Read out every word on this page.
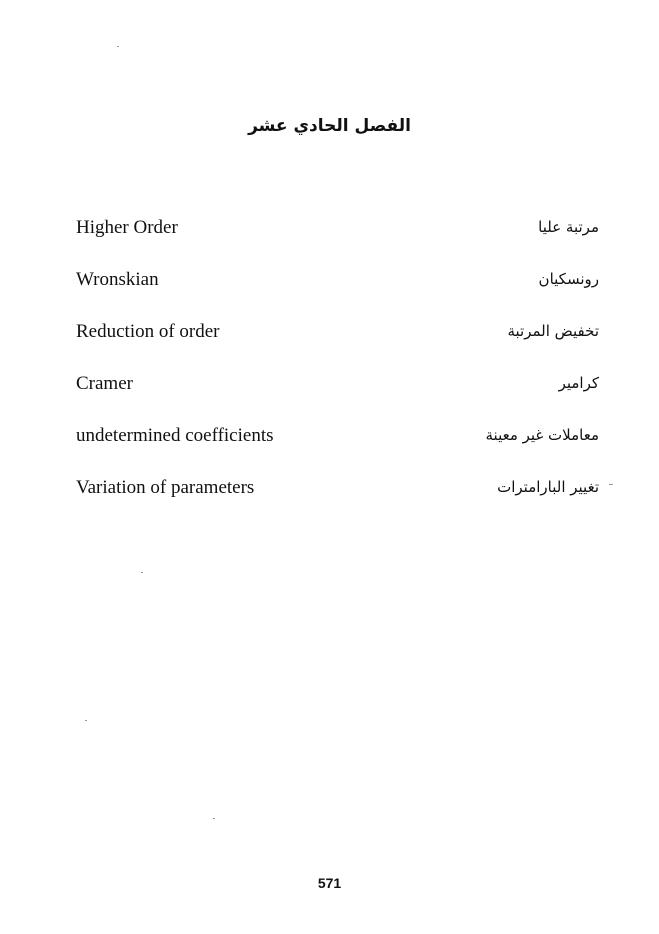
الفصل الحادي عشر
Higher Order	مرتبة عليا
Wronskian	رونسكيان
Reduction of order	تخفيض المرتبة
Cramer	كرامير
undetermined coefficients	معاملات غير معينة
Variation of parameters	تغيير البارامترات
571
